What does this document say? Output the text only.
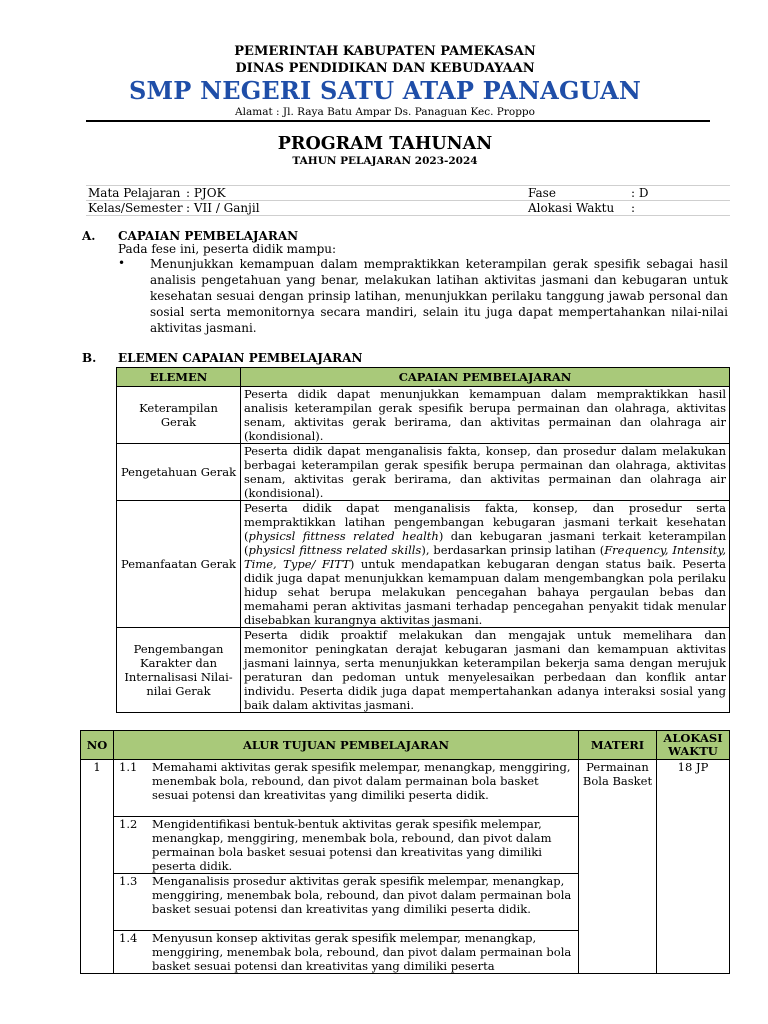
PEMERINTAH KABUPATEN PAMEKASAN
DINAS PENDIDIKAN DAN KEBUDAYAAN
SMP NEGERI SATU ATAP PANAGUAN
Alamat : Jl. Raya Batu Ampar Ds. Panaguan Kec. Proppo
PROGRAM TAHUNAN
TAHUN PELAJARAN 2023-2024
Mata Pelajaran : PJOK	Fase	: D
Kelas/Semester : VII / Ganjil	Alokasi Waktu :
A. CAPAIAN PEMBELAJARAN
Pada fese ini, peserta didik mampu:
• Menunjukkan kemampuan dalam mempraktikkan keterampilan gerak spesifik sebagai hasil analisis pengetahuan yang benar, melakukan latihan aktivitas jasmani dan kebugaran untuk kesehatan sesuai dengan prinsip latihan, menunjukkan perilaku tanggung jawab personal dan sosial serta memonitornya secara mandiri, selain itu juga dapat mempertahankan nilai-nilai aktivitas jasmani.
B. ELEMEN CAPAIAN PEMBELAJARAN
ELEMEN	CAPAIAN PEMBELAJARAN
Keterampilan Gerak	Peserta didik dapat menunjukkan kemampuan dalam mempraktikkan hasil analisis keterampilan gerak spesifik berupa permainan dan olahraga, aktivitas senam, aktivitas gerak berirama, dan aktivitas permainan dan olahraga air (kondisional).
Pengetahuan Gerak	Peserta didik dapat menganalisis fakta, konsep, dan prosedur dalam melakukan berbagai keterampilan gerak spesifik berupa permainan dan olahraga, aktivitas senam, aktivitas gerak berirama, dan aktivitas permainan dan olahraga air (kondisional).
Pemanfaatan Gerak	Peserta didik dapat menganalisis fakta, konsep, dan prosedur serta mempraktikkan latihan pengembangan kebugaran jasmani terkait kesehatan (physicsl fittness related health) dan kebugaran jasmani terkait keterampilan (physicsl fittness related skills), berdasarkan prinsip latihan (Frequency, Intensity, Time, Type/ FITT) untuk mendapatkan kebugaran dengan status baik. Peserta didik juga dapat menunjukkan kemampuan dalam mengembangkan pola perilaku hidup sehat berupa melakukan pencegahan bahaya pergaulan bebas dan memahami peran aktivitas jasmani terhadap pencegahan penyakit tidak menular disebabkan kurangnya aktivitas jasmani.
Pengembangan Karakter dan Internalisasi Nilai-nilai Gerak	Peserta didik proaktif melakukan dan mengajak untuk memelihara dan memonitor peningkatan derajat kebugaran jasmani dan kemampuan aktivitas jasmani lainnya, serta menunjukkan keterampilan bekerja sama dengan merujuk peraturan dan pedoman untuk menyelesaikan perbedaan dan konflik antar individu. Peserta didik juga dapat mempertahankan adanya interaksi sosial yang baik dalam aktivitas jasmani.
NO	ALUR TUJUAN PEMBELAJARAN		MATERI	ALOKASI WAKTU
1	1.1	Memahami aktivitas gerak spesifik melempar, menangkap, menggiring, menembak bola, rebound, dan pivot dalam permainan bola basket sesuai potensi dan kreativitas yang dimiliki peserta didik.	Permainan Bola Basket	18 JP
	1.2	Mengidentifikasi bentuk-bentuk aktivitas gerak spesifik melempar, menangkap, menggiring, menembak bola, rebound, dan pivot dalam permainan bola basket sesuai potensi dan kreativitas yang dimiliki peserta didik.		
	1.3	Menganalisis prosedur aktivitas gerak spesifik melempar, menangkap, menggiring, menembak bola, rebound, dan pivot dalam permainan bola basket sesuai potensi dan kreativitas yang dimiliki peserta didik.		
	1.4	Menyusun konsep aktivitas gerak spesifik melempar, menangkap, menggiring, menembak bola, rebound, dan pivot dalam permainan bola basket sesuai potensi dan kreativitas yang dimiliki peserta		
